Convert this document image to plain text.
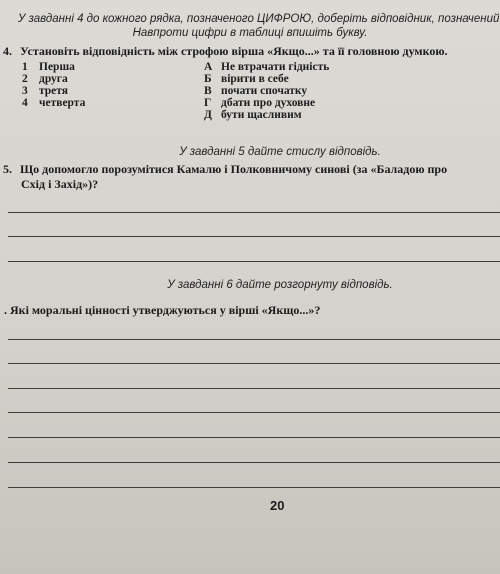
У завданні 4 до кожного рядка, позначеного ЦИФРОЮ, доберіть відповідник, позначений
Навпроти цифри в таблиці впишіть букву.
4. Установіть відповідність між строфою вірша «Якщо...» та її головною думкою.
1 Перша
2 друга
3 третя
4 четверта
А Не втрачати гідність
Б вірити в себе
В почати спочатку
Г дбати про духовне
Д бути щасливим
У завданні 5 дайте стислу відповідь.
5. Що допомогло порозумітися Камалю і Полковничому синові (за «Баладою про
Схід і Захід»)?
У завданні 6 дайте розгорнуту відповідь.
. Які моральні цінності утверджуються у вірші «Якщо...»?
20
